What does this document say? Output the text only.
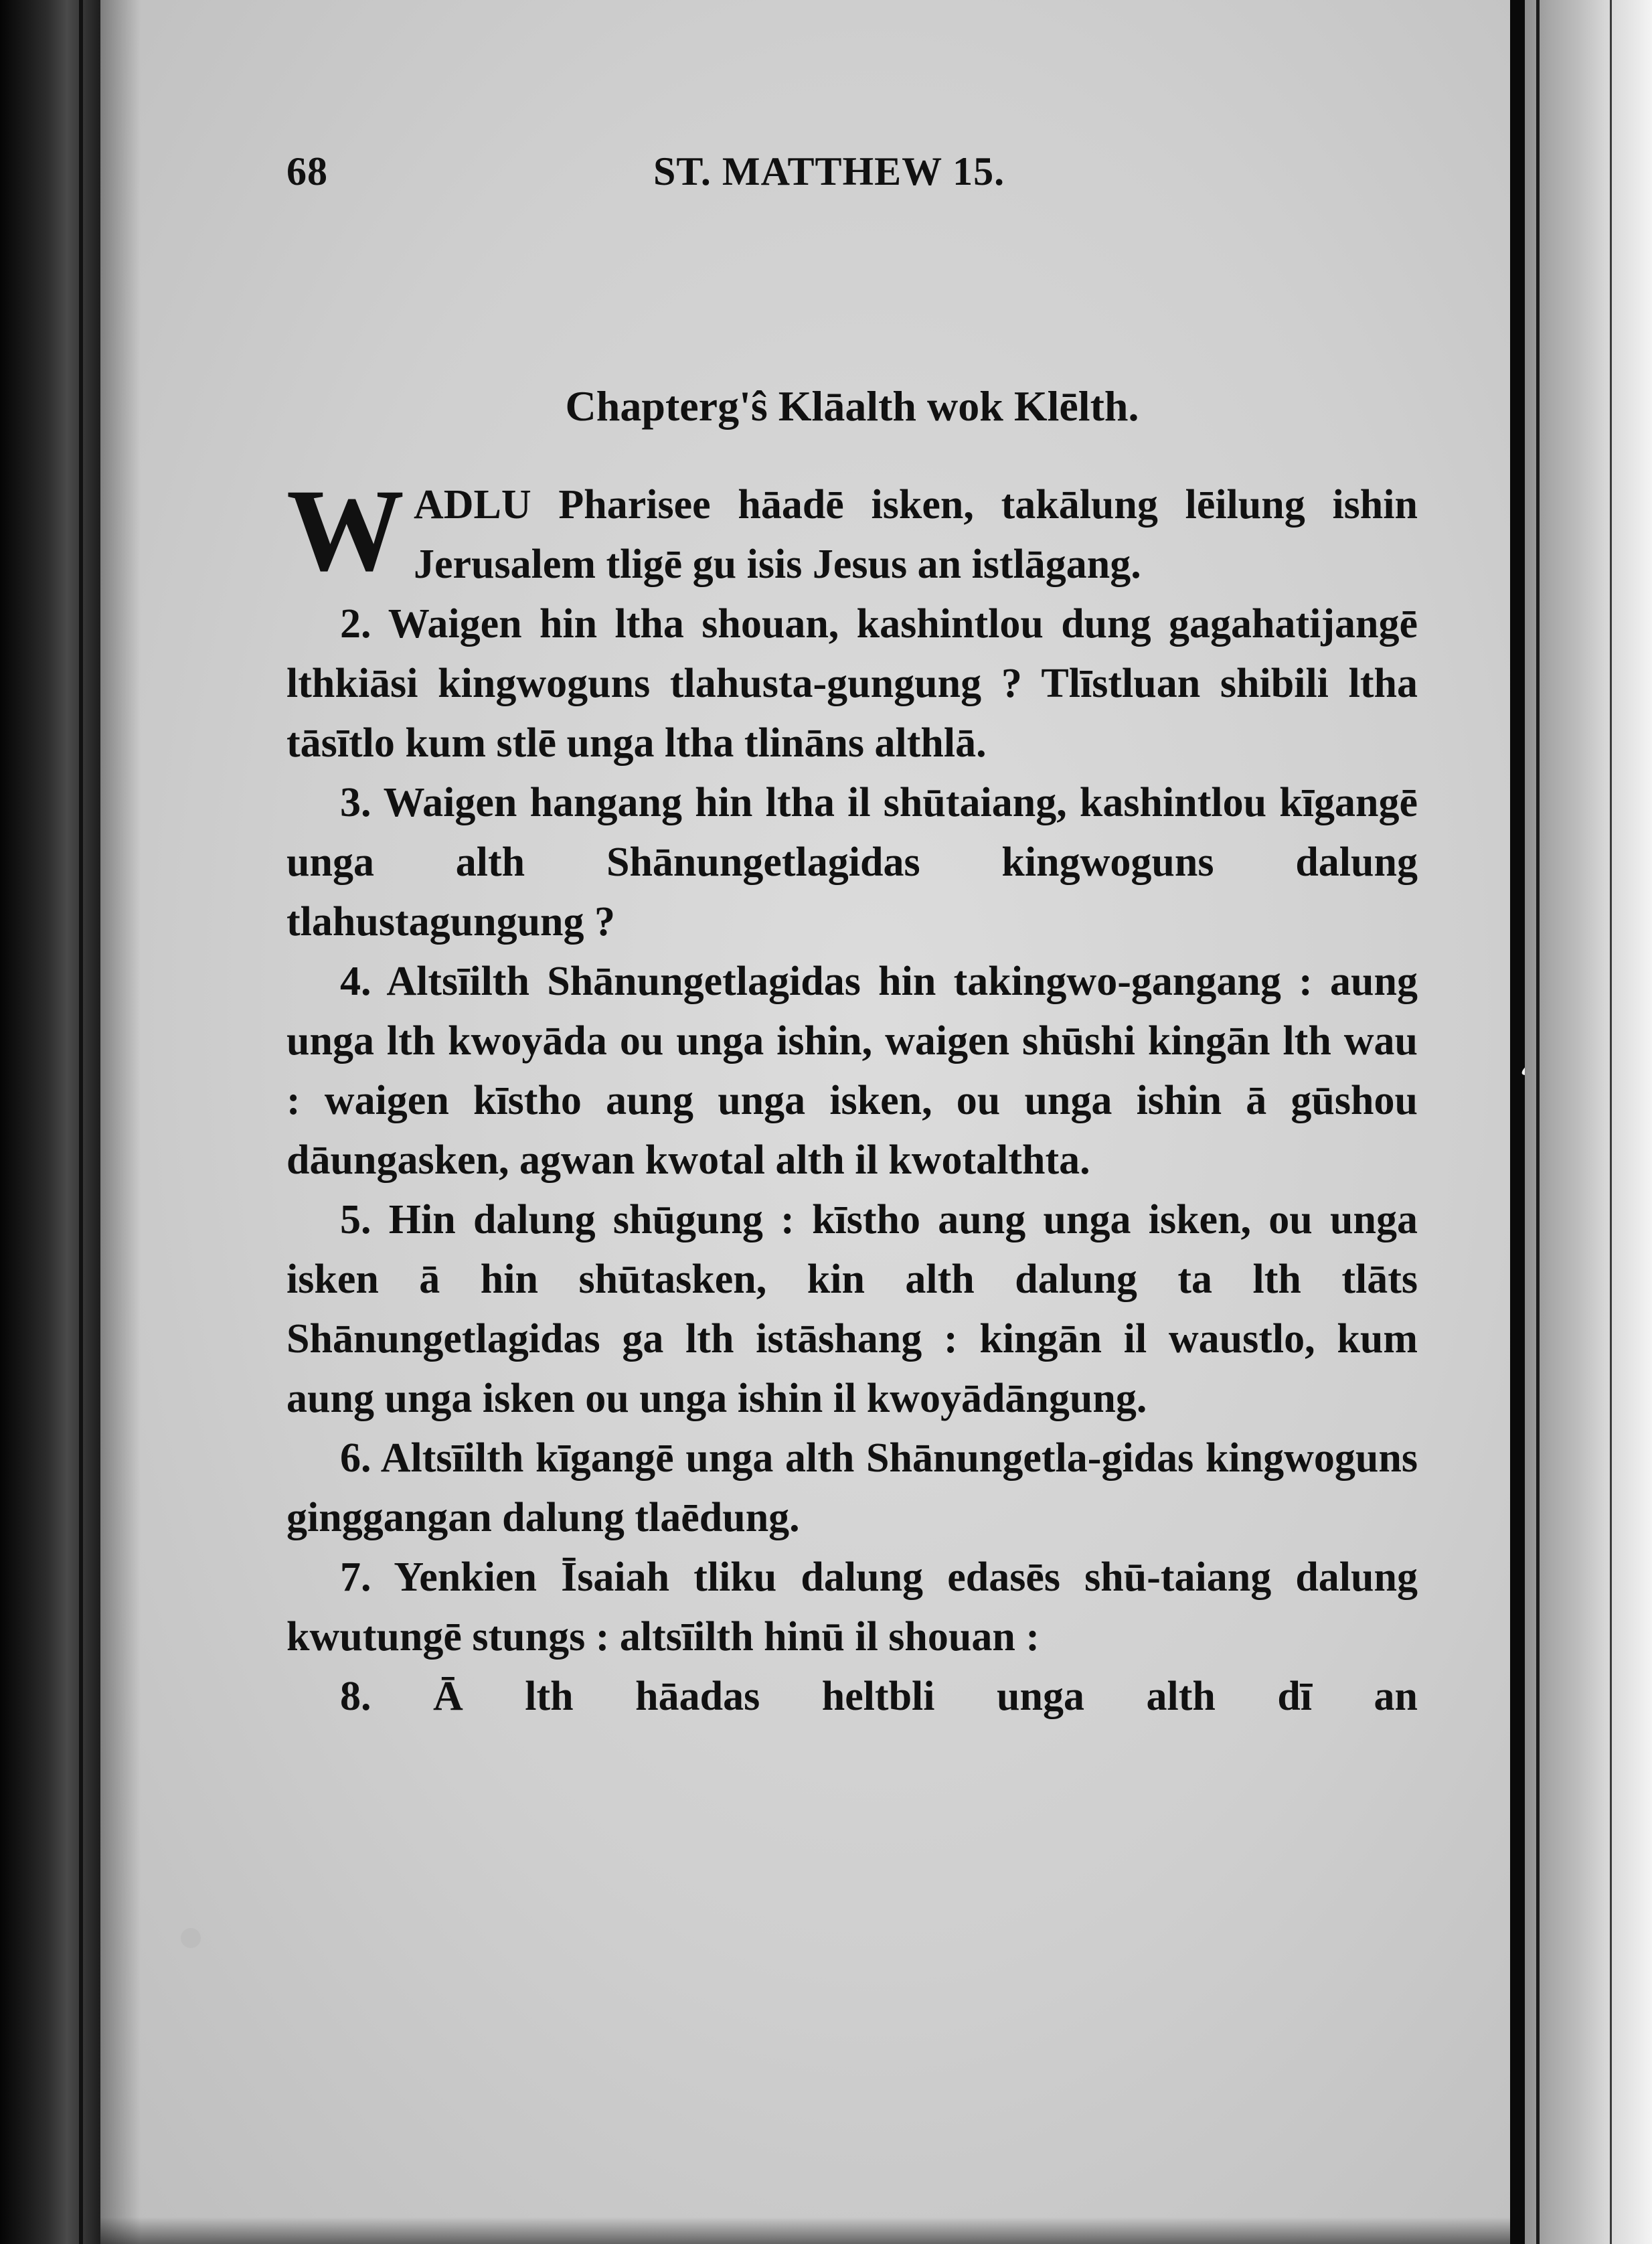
68	ST. MATTHEW 15.
Chapterg'ŝ Klāalth wok Klēlth.

WADLU Pharisee hāadē isken, takālung lēilung ishin Jerusalem tligē gu isis Jesus an istlāgang.

2. Waigen hin ltha shouan, kashintlou dung gagahatijangē lthkiāsi kingwoguns tlahusta-gungung ? Tlīstluan shibili ltha tāsītlo kum stlē unga ltha tlināns althlā.

3. Waigen hangang hin ltha il shūtaiang, kashintlou kīgangē unga alth Shānungetlagidas kingwoguns dalung tlahustagungung ?

4. Altsīilth Shānungetlagidas hin takingwo-gangang : aung unga lth kwoyāda ou unga ishin, waigen shūshi kingān lth wau : waigen kīstho aung unga isken, ou unga ishin ā gūshou dāungasken, agwan kwotal alth il kwotalthta.

5. Hin dalung shūgung : kīstho aung unga isken, ou unga isken ā hin shūtasken, kin alth dalung ta lth tlāts Shānungetlagidas ga lth istāshang : kingān il waustlo, kum aung unga isken ou unga ishin il kwoyādāngung.

6. Altsīilth kīgangē unga alth Shānungetla-gidas kingwoguns ginggangan dalung tlaēdung.

7. Yenkien Īsaiah tliku dalung edasēs shū-taiang dalung kwutungē stungs : altsīilth hinū il shouan :

8. Ā lth hāadas heltbli unga alth dī an
